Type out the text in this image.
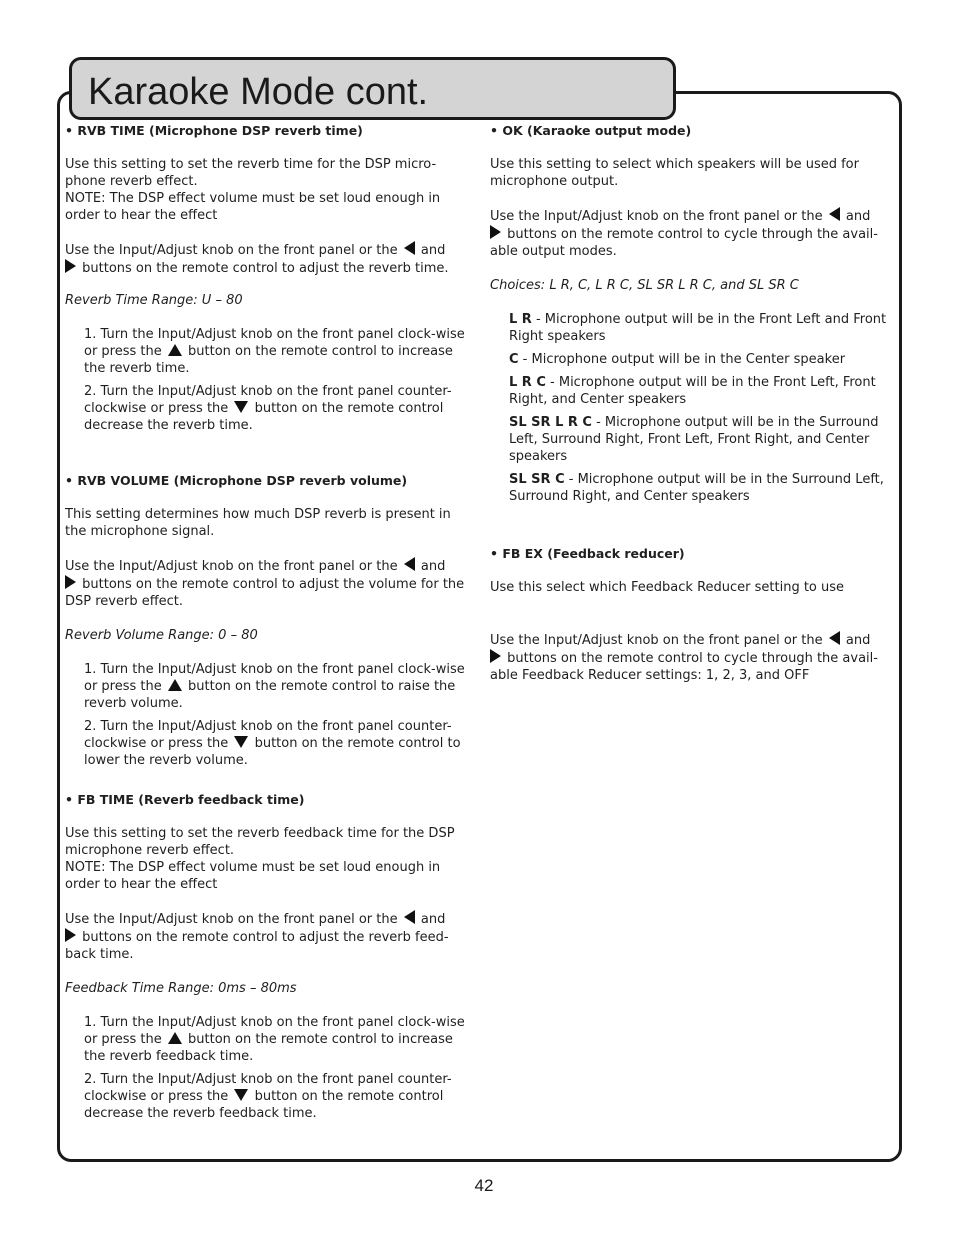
Karaoke Mode cont.

• RVB TIME (Microphone DSP reverb time)

Use this setting to set the reverb time for the DSP micro-phone reverb effect.

NOTE: The DSP effect volume must be set loud enough in order to hear the effect

Use the Input/Adjust knob on the front panel or the and
buttons on the remote control to adjust the reverb time.

Reverb Time Range: U – 80

1. Turn the Input/Adjust knob on the front panel clock-wise or press the button on the remote control to increase the reverb time.

2. Turn the Input/Adjust knob on the front panel counter-clockwise or press the button on the remote control decrease the reverb time.

• RVB VOLUME (Microphone DSP reverb volume)

This setting determines how much DSP reverb is present in the microphone signal.

Use the Input/Adjust knob on the front panel or the and
buttons on the remote control to adjust the volume for the DSP reverb effect.

Reverb Volume Range: 0 – 80

1. Turn the Input/Adjust knob on the front panel clock-wise or press the button on the remote control to raise the reverb volume.

2. Turn the Input/Adjust knob on the front panel counter-clockwise or press the button on the remote control to lower the reverb volume.

• FB TIME (Reverb feedback time)

Use this setting to set the reverb feedback time for the DSP microphone reverb effect.

NOTE: The DSP effect volume must be set loud enough in order to hear the effect

Use the Input/Adjust knob on the front panel or the and
buttons on the remote control to adjust the reverb feed-back time.

Feedback Time Range: 0ms – 80ms

1. Turn the Input/Adjust knob on the front panel clock-wise or press the button on the remote control to increase the reverb feedback time.

2. Turn the Input/Adjust knob on the front panel counter-clockwise or press the button on the remote control decrease the reverb feedback time.

• OK (Karaoke output mode)

Use this setting to select which speakers will be used for microphone output.

Use the Input/Adjust knob on the front panel or the and
buttons on the remote control to cycle through the avail-able output modes.

Choices: L R, C, L R C, SL SR L R C, and SL SR C

L R - Microphone output will be in the Front Left and Front Right speakers

C - Microphone output will be in the Center speaker

L R C - Microphone output will be in the Front Left, Front Right, and Center speakers

SL SR L R C - Microphone output will be in the Surround Left, Surround Right, Front Left, Front Right, and Center speakers

SL SR C - Microphone output will be in the Surround Left, Surround Right, and Center speakers

• FB EX (Feedback reducer)

Use this select which Feedback Reducer setting to use

Use the Input/Adjust knob on the front panel or the and
buttons on the remote control to cycle through the avail-able Feedback Reducer settings: 1, 2, 3, and OFF

42
